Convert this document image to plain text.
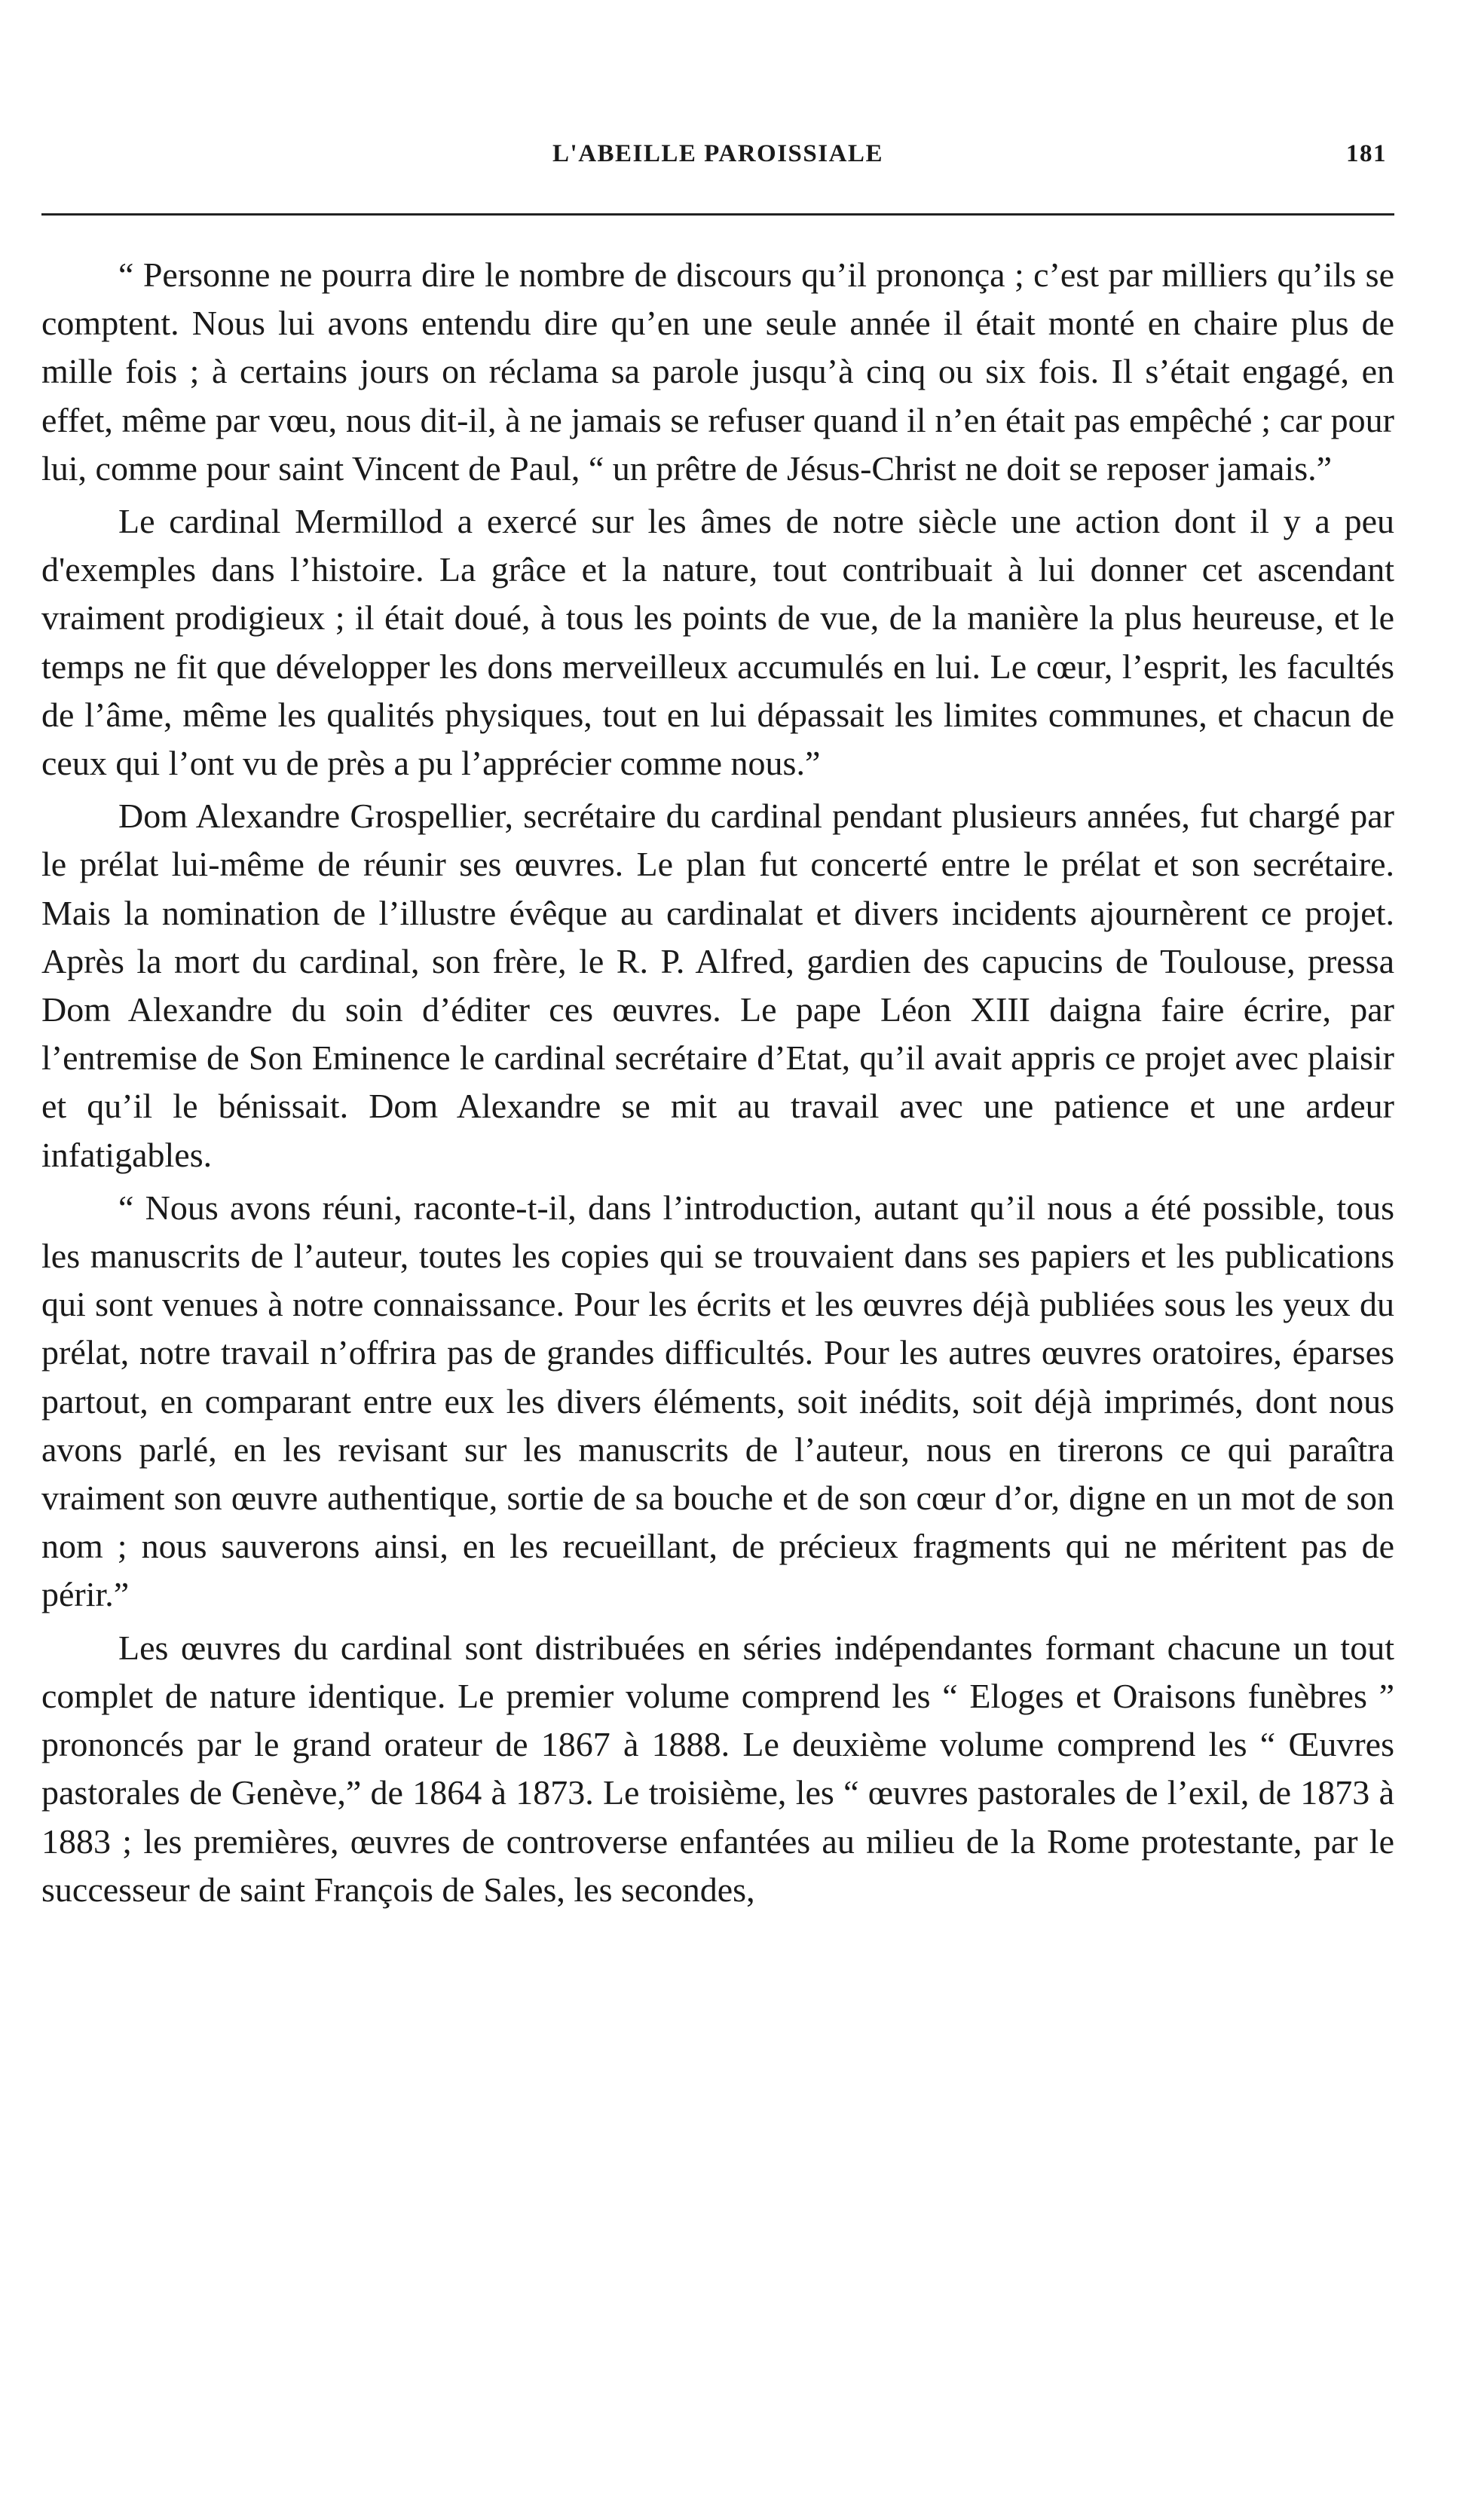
L'ABEILLE PAROISSIALE	181

“ Personne ne pourra dire le nombre de discours qu’il prononça ; c’est par milliers qu’ils se comptent. Nous lui avons entendu dire qu’en une seule année il était monté en chaire plus de mille fois ; à certains jours on réclama sa parole jusqu’à cinq ou six fois. Il s’était engagé, en effet, même par vœu, nous dit-il, à ne jamais se refuser quand il n’en était pas empêché ; car pour lui, comme pour saint Vincent de Paul, “ un prêtre de Jésus-Christ ne doit se reposer jamais.”

Le cardinal Mermillod a exercé sur les âmes de notre siècle une action dont il y a peu d'exemples dans l’histoire. La grâce et la nature, tout contribuait à lui donner cet ascendant vraiment prodigieux ; il était doué, à tous les points de vue, de la manière la plus heureuse, et le temps ne fit que développer les dons merveilleux accumulés en lui. Le cœur, l’esprit, les facultés de l’âme, même les qualités physiques, tout en lui dépassait les limites communes, et chacun de ceux qui l’ont vu de près a pu l’apprécier comme nous.”

Dom Alexandre Grospellier, secrétaire du cardinal pendant plusieurs années, fut chargé par le prélat lui-même de réunir ses œuvres. Le plan fut concerté entre le prélat et son secrétaire. Mais la nomination de l’illustre évêque au cardinalat et divers incidents ajournèrent ce projet. Après la mort du cardinal, son frère, le R. P. Alfred, gardien des capucins de Toulouse, pressa Dom Alexandre du soin d’éditer ces œuvres. Le pape Léon XIII daigna faire écrire, par l’entremise de Son Eminence le cardinal secrétaire d’Etat, qu’il avait appris ce projet avec plaisir et qu’il le bénissait. Dom Alexandre se mit au travail avec une patience et une ardeur infatigables.

“ Nous avons réuni, raconte-t-il, dans l’introduction, autant qu’il nous a été possible, tous les manuscrits de l’auteur, toutes les copies qui se trouvaient dans ses papiers et les publications qui sont venues à notre connaissance. Pour les écrits et les œuvres déjà publiées sous les yeux du prélat, notre travail n’offrira pas de grandes difficultés. Pour les autres œuvres oratoires, éparses partout, en comparant entre eux les divers éléments, soit inédits, soit déjà imprimés, dont nous avons parlé, en les revisant sur les manuscrits de l’auteur, nous en tirerons ce qui paraîtra vraiment son œuvre authentique, sortie de sa bouche et de son cœur d’or, digne en un mot de son nom ; nous sauverons ainsi, en les recueillant, de précieux fragments qui ne méritent pas de périr.”

Les œuvres du cardinal sont distribuées en séries indépendantes formant chacune un tout complet de nature identique. Le premier volume comprend les “ Eloges et Oraisons funèbres ” prononcés par le grand orateur de 1867 à 1888. Le deuxième volume comprend les “ Œuvres pastorales de Genève,” de 1864 à 1873. Le troisième, les “ œuvres pastorales de l’exil, de 1873 à 1883 ; les premières, œuvres de controverse enfantées au milieu de la Rome protestante, par le successeur de saint François de Sales, les secondes,
